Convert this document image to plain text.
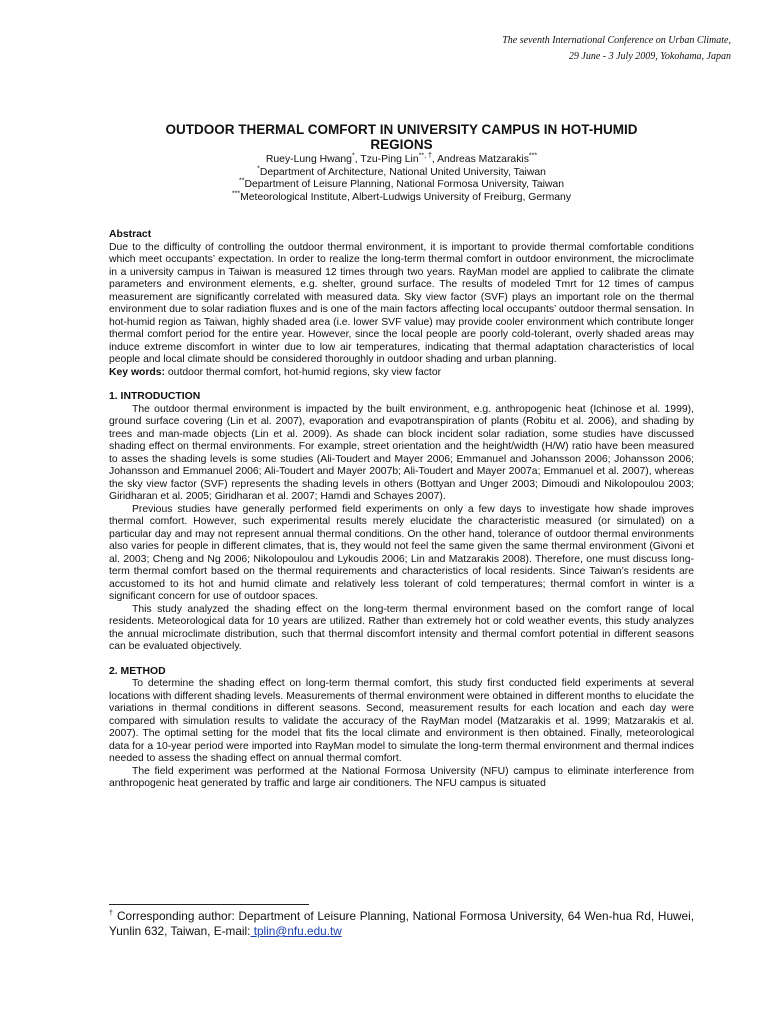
The seventh International Conference on Urban Climate,
29 June - 3 July 2009, Yokohama, Japan
OUTDOOR THERMAL COMFORT IN UNIVERSITY CAMPUS IN HOT-HUMID
REGIONS

Ruey-Lung Hwang*, Tzu-Ping Lin**, †, Andreas Matzarakis***

*Department of Architecture, National United University, Taiwan

**Department of Leisure Planning, National Formosa University, Taiwan

***Meteorological Institute, Albert-Ludwigs University of Freiburg, Germany

Abstract

Due to the difficulty of controlling the outdoor thermal environment, it is important to provide thermal comfortable conditions which meet occupants’ expectation. In order to realize the long-term thermal comfort in outdoor environment, the microclimate in a university campus in Taiwan is measured 12 times through two years. RayMan model are applied to calibrate the climate parameters and environment elements, e.g. shelter, ground surface. The results of modeled Tmrt for 12 times of campus measurement are significantly correlated with measured data. Sky view factor (SVF) plays an important role on the thermal environment due to solar radiation fluxes and is one of the main factors affecting local occupants’ outdoor thermal sensation. In hot-humid region as Taiwan, highly shaded area (i.e. lower SVF value) may provide cooler environment which contribute longer thermal comfort period for the entire year. However, since the local people are poorly cold-tolerant, overly shaded areas may induce extreme discomfort in winter due to low air temperatures, indicating that thermal adaptation characteristics of local people and local climate should be considered thoroughly in outdoor shading and urban planning.

Key words: outdoor thermal comfort, hot-humid regions, sky view factor

1. INTRODUCTION

The outdoor thermal environment is impacted by the built environment, e.g. anthropogenic heat (Ichinose et al. 1999), ground surface covering (Lin et al. 2007), evaporation and evapotranspiration of plants (Robitu et al. 2006), and shading by trees and man-made objects (Lin et al. 2009). As shade can block incident solar radiation, some studies have discussed shading effect on thermal environments. For example, street orientation and the height/width (H/W) ratio have been measured to asses the shading levels is some studies (Ali-Toudert and Mayer 2006; Emmanuel and Johansson 2006; Johansson 2006; Johansson and Emmanuel 2006; Ali-Toudert and Mayer 2007b; Ali-Toudert and Mayer 2007a; Emmanuel et al. 2007), whereas the sky view factor (SVF) represents the shading levels in others (Bottyan and Unger 2003; Dimoudi and Nikolopoulou 2003; Giridharan et al. 2005; Giridharan et al. 2007; Hamdi and Schayes 2007).

Previous studies have generally performed field experiments on only a few days to investigate how shade improves thermal comfort. However, such experimental results merely elucidate the characteristic measured (or simulated) on a particular day and may not represent annual thermal conditions. On the other hand, tolerance of outdoor thermal environments also varies for people in different climates, that is, they would not feel the same given the same thermal environment (Givoni et al. 2003; Cheng and Ng 2006; Nikolopoulou and Lykoudis 2006; Lin and Matzarakis 2008). Therefore, one must discuss long-term thermal comfort based on the thermal requirements and characteristics of local residents. Since Taiwan’s residents are accustomed to its hot and humid climate and relatively less tolerant of cold temperatures; thermal comfort in winter is a significant concern for use of outdoor spaces.

This study analyzed the shading effect on the long-term thermal environment based on the comfort range of local residents. Meteorological data for 10 years are utilized. Rather than extremely hot or cold weather events, this study analyzes the annual microclimate distribution, such that thermal discomfort intensity and thermal comfort potential in different seasons can be evaluated objectively.

2. METHOD

To determine the shading effect on long-term thermal comfort, this study first conducted field experiments at several locations with different shading levels. Measurements of thermal environment were obtained in different months to elucidate the variations in thermal conditions in different seasons. Second, measurement results for each location and each day were compared with simulation results to validate the accuracy of the RayMan model (Matzarakis et al. 1999; Matzarakis et al. 2007). The optimal setting for the model that fits the local climate and environment is then obtained. Finally, meteorological data for a 10-year period were imported into RayMan model to simulate the long-term thermal environment and thermal indices needed to assess the shading effect on annual thermal comfort.

The field experiment was performed at the National Formosa University (NFU) campus to eliminate interference from anthropogenic heat generated by traffic and large air conditioners. The NFU campus is situated

† Corresponding author: Department of Leisure Planning, National Formosa University, 64 Wen-hua Rd, Huwei, Yunlin 632, Taiwan, E-mail: tplin@nfu.edu.tw
